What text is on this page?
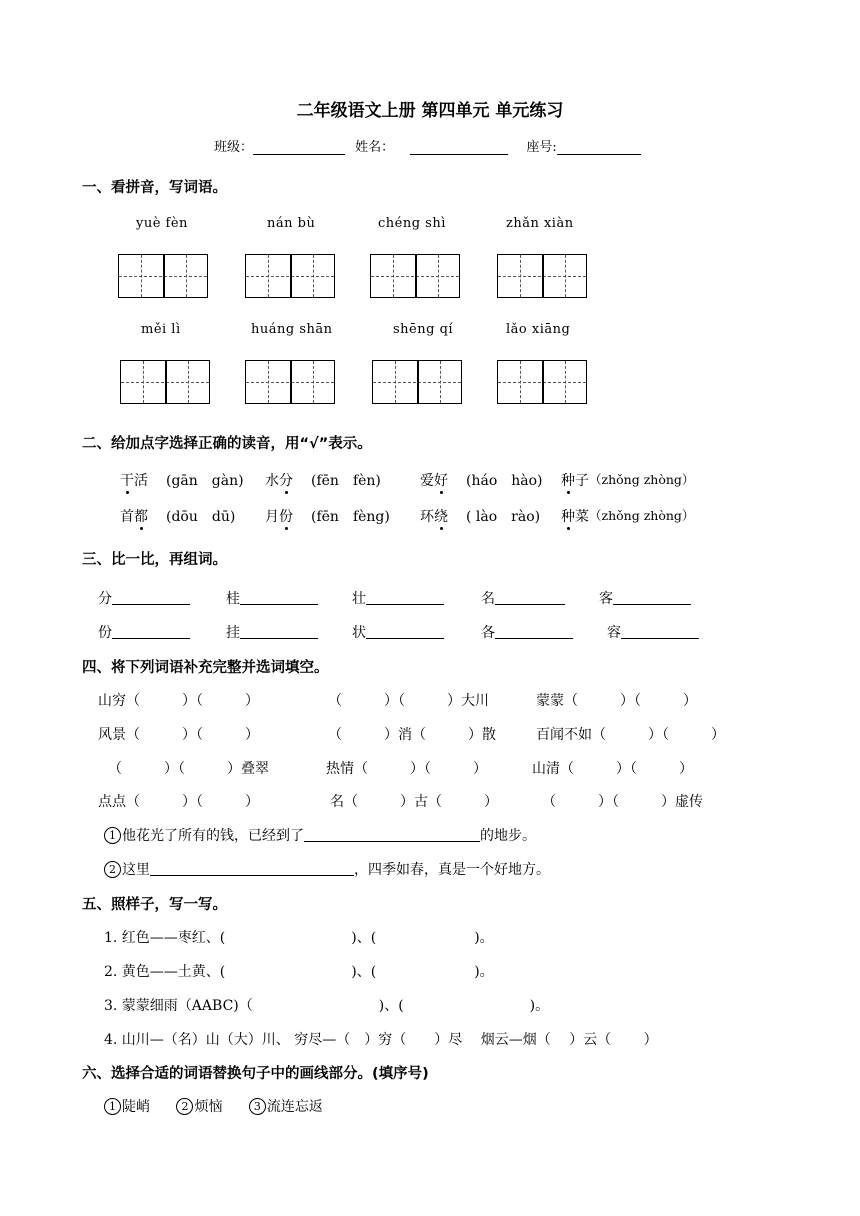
二年级语文上册 第四单元 单元练习
班级：	姓名：	座号:
一、看拼音，写词语。
yuè fèn	nán bù	chéng shì	zhǎn xiàn
měi lì	huáng shān	shēng qí	lǎo xiāng
二、给加点字选择正确的读音，用“√”表示。
干活 (gān　gàn) 水分 (fēn　fèn)	爱好 (háo　hào) 种子 （zhǒng zhòng）
首都 (dōu　dū) 月份 (fēn　fèng) 环绕 ( lào　rào) 种菜 （zhǒng zhòng）
三、比一比，再组词。
分	桂	壮	名	客
份	挂	状	各	容
四、将下列词语补充完整并选词填空。
山穷（　　　）（　　　）	（　　　）（　　　）大川	蒙蒙（　　　）（　　　）
风景（　　　）（　　　）	（　　　）消（　　　）散	百闻不如（　　　）（　　　）
（　　　）（　　　）叠翠	热情（　　　）（　　　）	山清（　　　）（　　　）
点点（　　　）（　　　）	名（　　　）古（　　　）	（　　　）（　　　）虚传
1 他花光了所有的钱，已经到了	的地步。
2 这里	，四季如春，真是一个好地方。
五、照样子，写一写。
1. 红色——枣红、(　　　　　　　　　)、(　　　　　　　)。
2. 黄色——土黄、(　　　　　　　　　)、(　　　　　　　)。
3. 蒙蒙细雨（AABC)（　　　　　　　　　)、(　　　　　　　　　)。
4. 山川—（名）山（大）川、 穷尽—（　）穷（　　）尽　 烟云—烟（　 ）云（　　 ）
六、选择合适的词语替换句子中的画线部分。(填序号)
1 陡峭	2 烦恼	3 流连忘返
